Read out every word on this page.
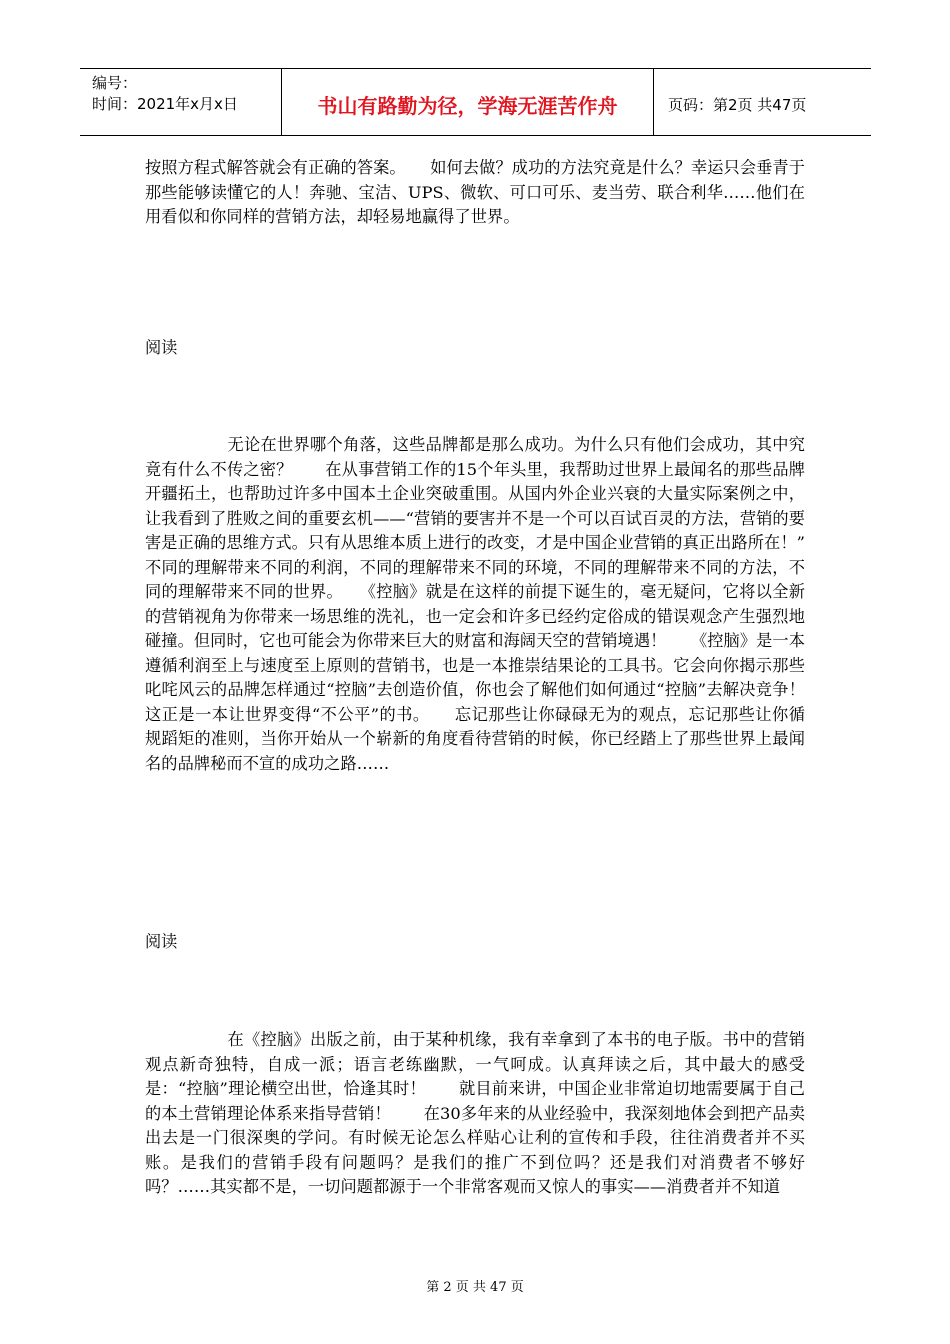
编号：
时间：2021年x月x日	书山有路勤为径，学海无涯苦作舟	页码：第2页 共47页

按照方程式解答就会有正确的答案。　　如何去做？成功的方法究竟是什么？幸运只会垂青于那些能够读懂它的人！奔驰、宝洁、UPS、微软、可口可乐、麦当劳、联合利华……他们在用看似和你同样的营销方法，却轻易地赢得了世界。

阅读

　　　　　无论在世界哪个角落，这些品牌都是那么成功。为什么只有他们会成功，其中究竟有什么不传之密？　　在从事营销工作的15个年头里，我帮助过世界上最闻名的那些品牌开疆拓土，也帮助过许多中国本土企业突破重围。从国内外企业兴衰的大量实际案例之中，让我看到了胜败之间的重要玄机——“营销的要害并不是一个可以百试百灵的方法，营销的要害是正确的思维方式。只有从思维本质上进行的改变，才是中国企业营销的真正出路所在！”　　不同的理解带来不同的利润，不同的理解带来不同的环境，不同的理解带来不同的方法，不同的理解带来不同的世界。　　《控脑》就是在这样的前提下诞生的，毫无疑问，它将以全新的营销视角为你带来一场思维的洗礼，也一定会和许多已经约定俗成的错误观念产生强烈地碰撞。但同时，它也可能会为你带来巨大的财富和海阔天空的营销境遇！　　《控脑》是一本遵循利润至上与速度至上原则的营销书，也是一本推崇结果论的工具书。它会向你揭示那些叱咤风云的品牌怎样通过“控脑”去创造价值，你也会了解他们如何通过“控脑”去解决竞争！　　这正是一本让世界变得“不公平”的书。　　忘记那些让你碌碌无为的观点，忘记那些让你循规蹈矩的准则，当你开始从一个崭新的角度看待营销的时候，你已经踏上了那些世界上最闻名的品牌秘而不宣的成功之路……

阅读

　　　　　在《控脑》出版之前，由于某种机缘，我有幸拿到了本书的电子版。书中的营销观点新奇独特，自成一派；语言老练幽默，一气呵成。认真拜读之后，其中最大的感受是：“控脑”理论横空出世，恰逢其时！　　就目前来讲，中国企业非常迫切地需要属于自己的本土营销理论体系来指导营销！　　在30多年来的从业经验中，我深刻地体会到把产品卖出去是一门很深奥的学问。有时候无论怎么样贴心让利的宣传和手段，往往消费者并不买账。是我们的营销手段有问题吗？是我们的推广不到位吗？还是我们对消费者不够好吗？……其实都不是，一切问题都源于一个非常客观而又惊人的事实——消费者并不知道

第 2 页 共 47 页
